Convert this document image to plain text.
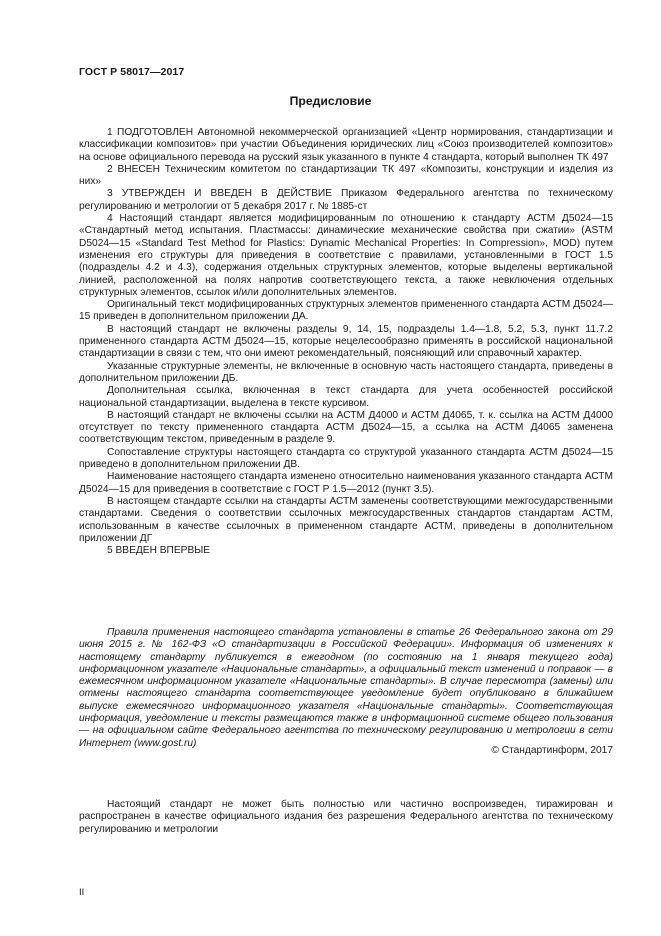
ГОСТ Р 58017—2017
Предисловие

1 ПОДГОТОВЛЕН Автономной некоммерческой организацией «Центр нормирования, стандартизации и классификации композитов» при участии Объединения юридических лиц «Союз производителей композитов» на основе официального перевода на русский язык указанного в пункте 4 стандарта, который выполнен ТК 497

2 ВНЕСЕН Техническим комитетом по стандартизации ТК 497 «Композиты, конструкции и изделия из них»

3 УТВЕРЖДЕН И ВВЕДЕН В ДЕЙСТВИЕ Приказом Федерального агентства по техническому регулированию и метрологии от 5 декабря 2017 г. № 1885-ст

4 Настоящий стандарт является модифицированным по отношению к стандарту АСТМ Д5024—15 «Стандартный метод испытания. Пластмассы: динамические механические свойства при сжатии» (ASTM D5024—15 «Standard Test Method for Plastics: Dynamic Mechanical Properties: In Compression», MOD) путем изменения его структуры для приведения в соответствие с правилами, установленными в ГОСТ 1.5 (подразделы 4.2 и 4.3), содержания отдельных структурных элементов, которые выделены вертикальной линией, расположенной на полях напротив соответствующего текста, а также невключения отдельных структурных элементов, ссылок и/или дополнительных элементов.

Оригинальный текст модифицированных структурных элементов примененного стандарта АСТМ Д5024—15 приведен в дополнительном приложении ДА.

В настоящий стандарт не включены разделы 9, 14, 15, подразделы 1.4—1.8, 5.2, 5.3, пункт 11.7.2 примененного стандарта АСТМ Д5024—15, которые нецелесообразно применять в российской национальной стандартизации в связи с тем, что они имеют рекомендательный, поясняющий или справочный характер.

Указанные структурные элементы, не включенные в основную часть настоящего стандарта, приведены в дополнительном приложении ДБ.

Дополнительная ссылка, включенная в текст стандарта для учета особенностей российской национальной стандартизации, выделена в тексте курсивом.

В настоящий стандарт не включены ссылки на АСТМ Д4000 и АСТМ Д4065, т. к. ссылка на АСТМ Д4000 отсутствует по тексту примененного стандарта АСТМ Д5024—15, а ссылка на АСТМ Д4065 заменена соответствующим текстом, приведенным в разделе 9.

Сопоставление структуры настоящего стандарта со структурой указанного стандарта АСТМ Д5024—15 приведено в дополнительном приложении ДВ.

Наименование настоящего стандарта изменено относительно наименования указанного стандарта АСТМ Д5024—15 для приведения в соответствие с ГОСТ Р 1.5—2012 (пункт 3.5).

В настоящем стандарте ссылки на стандарты АСТМ заменены соответствующими межгосударственными стандартами. Сведения о соответствии ссылочных межгосударственных стандартов стандартам АСТМ, использованным в качестве ссылочных в примененном стандарте АСТМ, приведены в дополнительном приложении ДГ

5 ВВЕДЕН ВПЕРВЫЕ

Правила применения настоящего стандарта установлены в статье 26 Федерального закона от 29 июня 2015 г. № 162-ФЗ «О стандартизации в Российской Федерации». Информация об изменениях к настоящему стандарту публикуется в ежегодном (по состоянию на 1 января текущего года) информационном указателе «Национальные стандарты», а официальный текст изменений и поправок — в ежемесячном информационном указателе «Национальные стандарты». В случае пересмотра (замены) или отмены настоящего стандарта соответствующее уведомление будет опубликовано в ближайшем выпуске ежемесячного информационного указателя «Национальные стандарты». Соответствующая информация, уведомление и тексты размещаются также в информационной системе общего пользования — на официальном сайте Федерального агентства по техническому регулированию и метрологии в сети Интернет (www.gost.ru)

© Стандартинформ, 2017

Настоящий стандарт не может быть полностью или частично воспроизведен, тиражирован и распространен в качестве официального издания без разрешения Федерального агентства по техническому регулированию и метрологии

II
